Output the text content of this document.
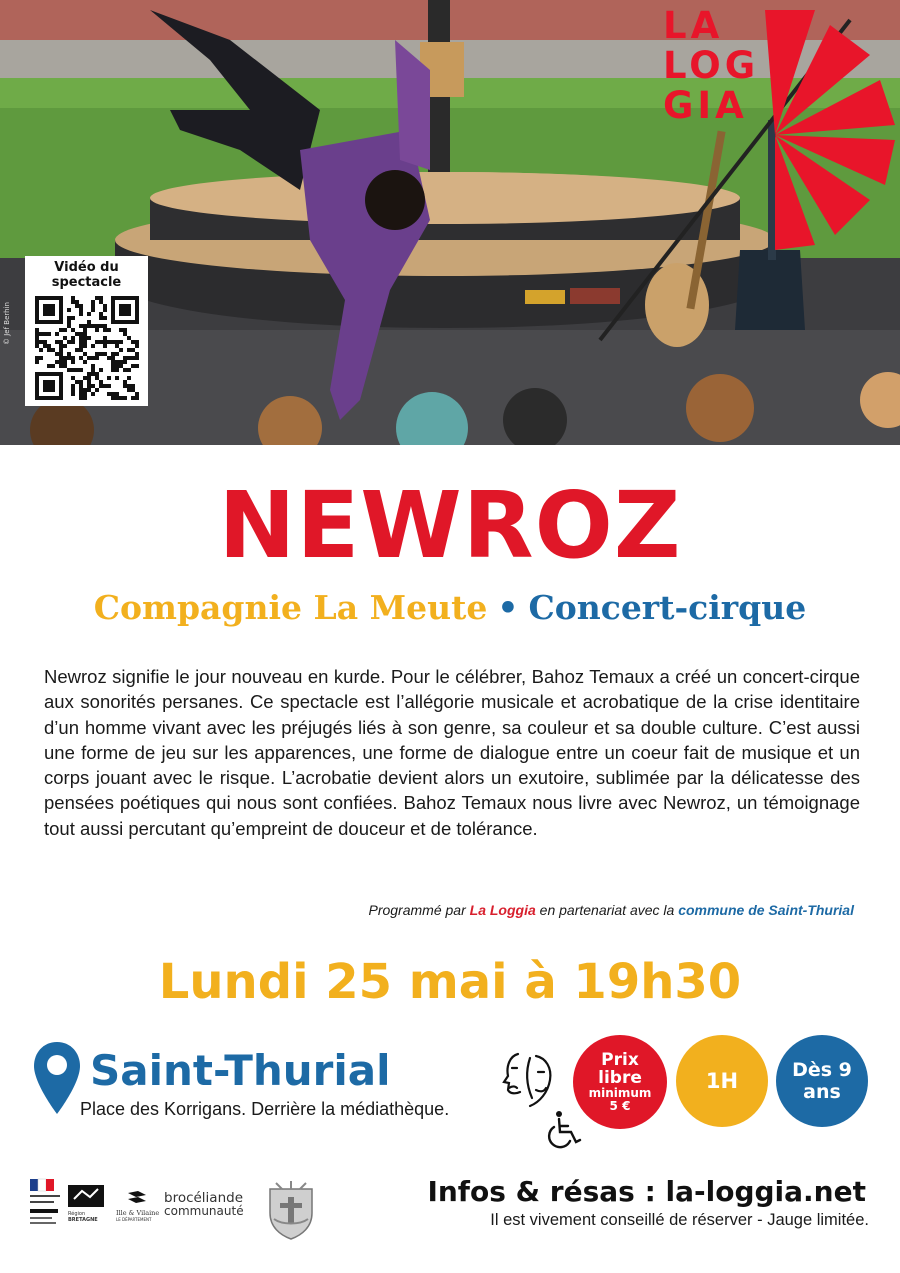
© Jef Berhin
Vidéo du spectacle
LA
LOG
GIA
NEWROZ
Compagnie La Meute • Concert-cirque

Newroz signifie le jour nouveau en kurde. Pour le célébrer, Bahoz Temaux a créé un concert-cirque aux sonorités persanes. Ce spectacle est l’allégorie musicale et acrobatique de la crise identitaire d’un homme vivant avec les préjugés liés à son genre, sa couleur et sa double culture. C’est aussi une forme de jeu sur les apparences, une forme de dialogue entre un coeur fait de musique et un corps jouant avec le risque. L’acrobatie devient alors un exutoire, sublimée par la délicatesse des pensées poétiques qui nous sont confiées. Bahoz Temaux nous livre avec Newroz, un témoignage tout aussi percutant qu’empreint de douceur et de tolérance.

Programmé par La Loggia en partenariat avec la commune de Saint-Thurial
Lundi 25 mai à 19h30
Saint-Thurial
Place des Korrigans. Derrière la médiathèque.
Prix
libre
minimum
5 €
1H	Dès 9
ans
Région
BRETAGNE
Ille & Vilaine
LE DÉPARTEMENT
brocéliande
communauté
Infos & résas : la-loggia.net
Il est vivement conseillé de réserver - Jauge limitée.
